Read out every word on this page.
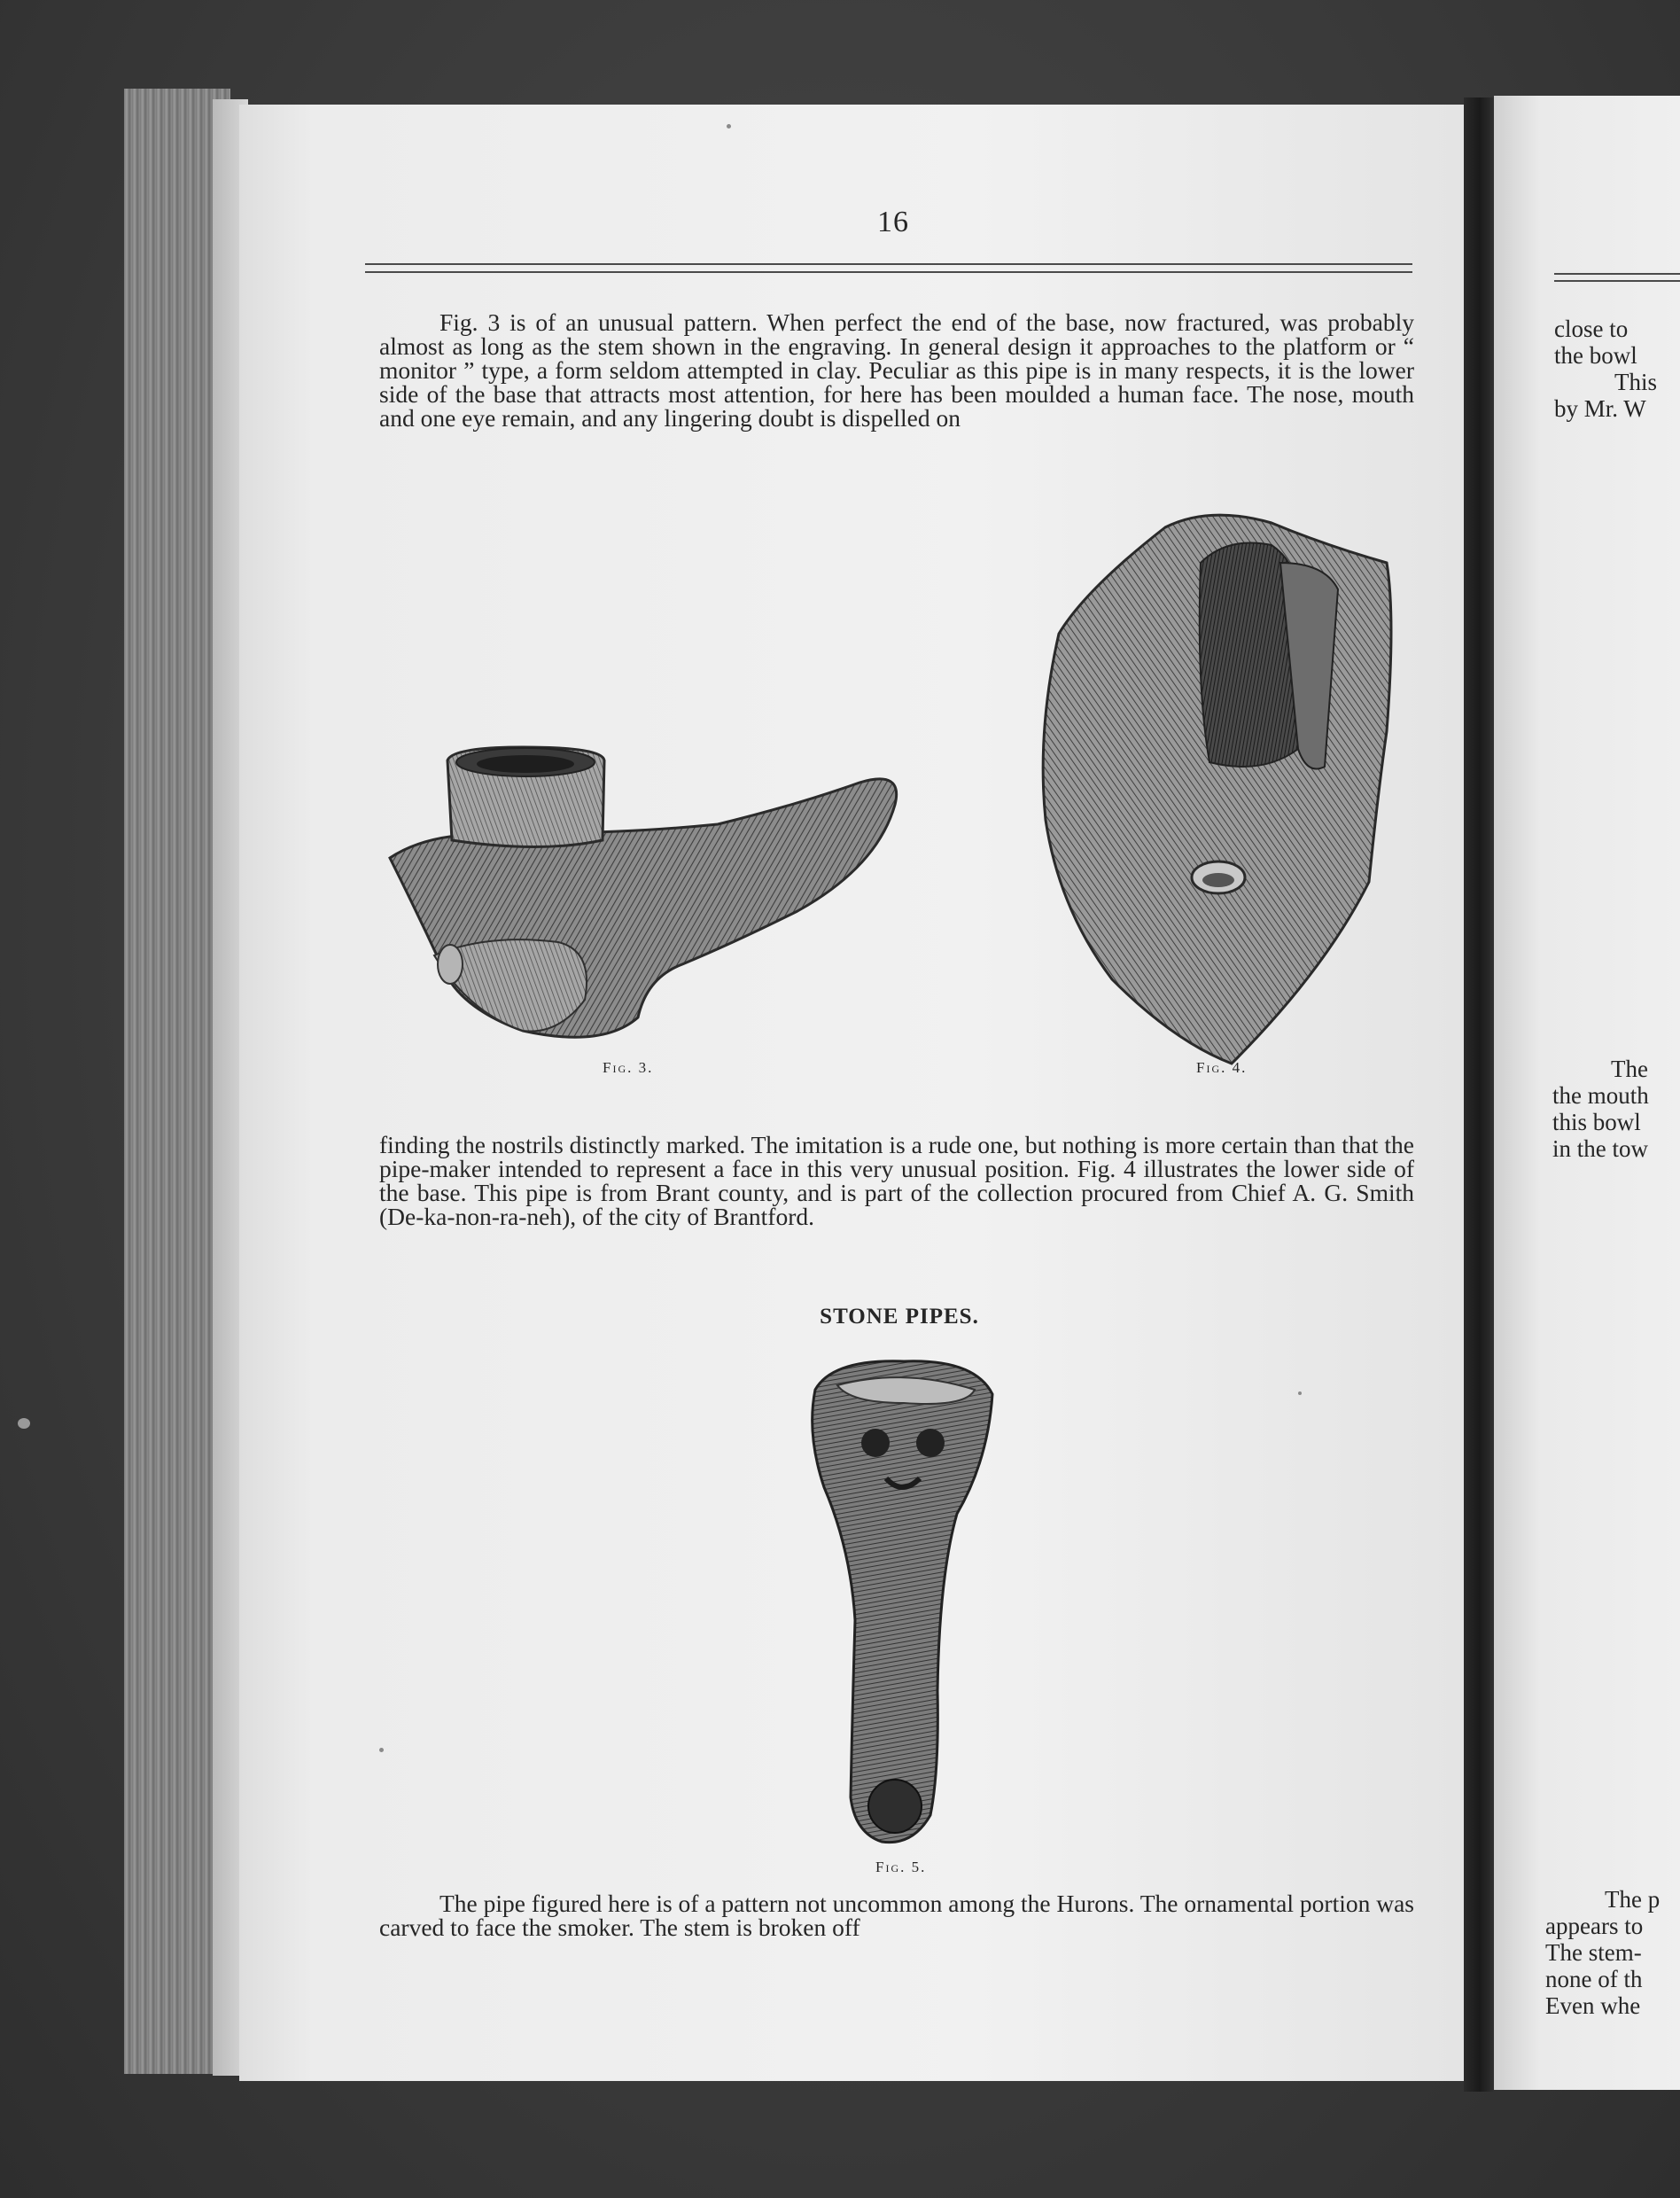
16

Fig. 3 is of an unusual pattern. When perfect the end of the base, now fractured, was probably almost as long as the stem shown in the engraving. In general design it approaches to the platform or “ monitor ” type, a form seldom attempted in clay. Peculiar as this pipe is in many respects, it is the lower side of the base that attracts most attention, for here has been moulded a human face. The nose, mouth and one eye remain, and any lingering doubt is dispelled on

Fig. 3.	Fig. 4.

finding the nostrils distinctly marked. The imitation is a rude one, but nothing is more certain than that the pipe-maker intended to represent a face in this very unusual position. Fig. 4 illustrates the lower side of the base. This pipe is from Brant county, and is part of the collection procured from Chief A. G. Smith (De-ka-non-ra-neh), of the city of Brantford.

STONE PIPES.
Fig. 5.

The pipe figured here is of a pattern not uncommon among the Hurons. The ornamental portion was carved to face the smoker. The stem is broken off

close to
the bowl
This
by Mr. W
The
the mouth
this bowl
in the tow
The p
appears to
The stem-
none of th
Even whe
